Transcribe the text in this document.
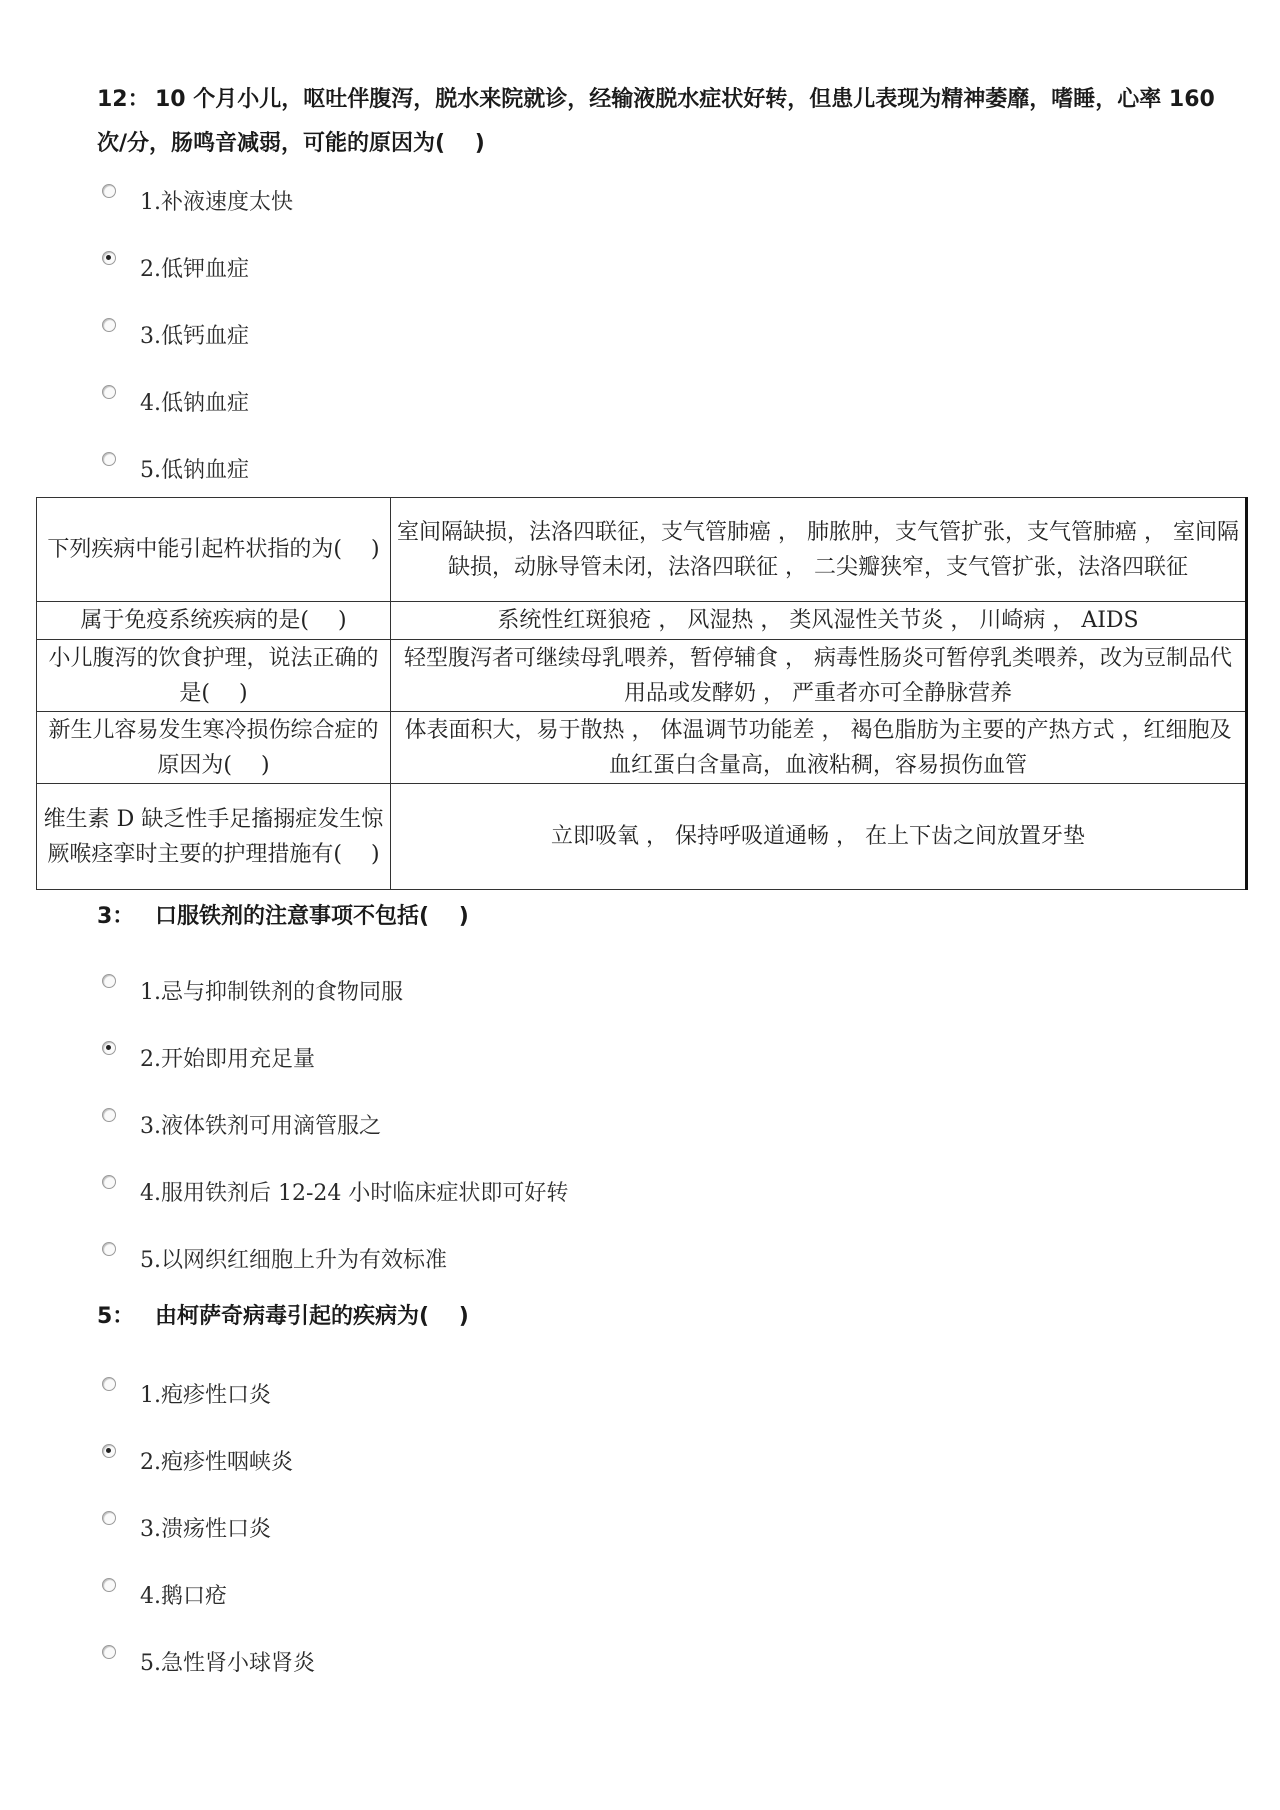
12： 10 个月小儿，呕吐伴腹泻，脱水来院就诊，经输液脱水症状好转，但患儿表现为精神萎靡，嗜睡，心率 160 次/分，肠鸣音减弱，可能的原因为(　 )

1.补液速度太快
2.低钾血症
3.低钙血症
4.低钠血症
5.低钠血症
下列疾病中能引起杵状指的为(　 )	室间隔缺损，法洛四联征，支气管肺癌 ， 肺脓肿，支气管扩张，支气管肺癌 ， 室间隔缺损，动脉导管未闭，法洛四联征 ， 二尖瓣狭窄，支气管扩张，法洛四联征
属于免疫系统疾病的是(　 )	系统性红斑狼疮 ， 风湿热 ， 类风湿性关节炎 ， 川崎病 ， AIDS
小儿腹泻的饮食护理，说法正确的是(　 )	轻型腹泻者可继续母乳喂养，暂停辅食 ， 病毒性肠炎可暂停乳类喂养，改为豆制品代用品或发酵奶 ， 严重者亦可全静脉营养
新生儿容易发生寒冷损伤综合症的原因为(　 )	体表面积大，易于散热 ， 体温调节功能差 ， 褐色脂肪为主要的产热方式 ，红细胞及血红蛋白含量高，血液粘稠，容易损伤血管
维生素 D 缺乏性手足搐搦症发生惊厥喉痉挛时主要的护理措施有(　 )	立即吸氧 ， 保持呼吸道通畅 ， 在上下齿之间放置牙垫

3： 口服铁剂的注意事项不包括(　 )

1.忌与抑制铁剂的食物同服
2.开始即用充足量
3.液体铁剂可用滴管服之
4.服用铁剂后 12-24 小时临床症状即可好转
5.以网织红细胞上升为有效标准

5： 由柯萨奇病毒引起的疾病为(　 )

1.疱疹性口炎
2.疱疹性咽峡炎
3.溃疡性口炎
4.鹅口疮
5.急性肾小球肾炎
